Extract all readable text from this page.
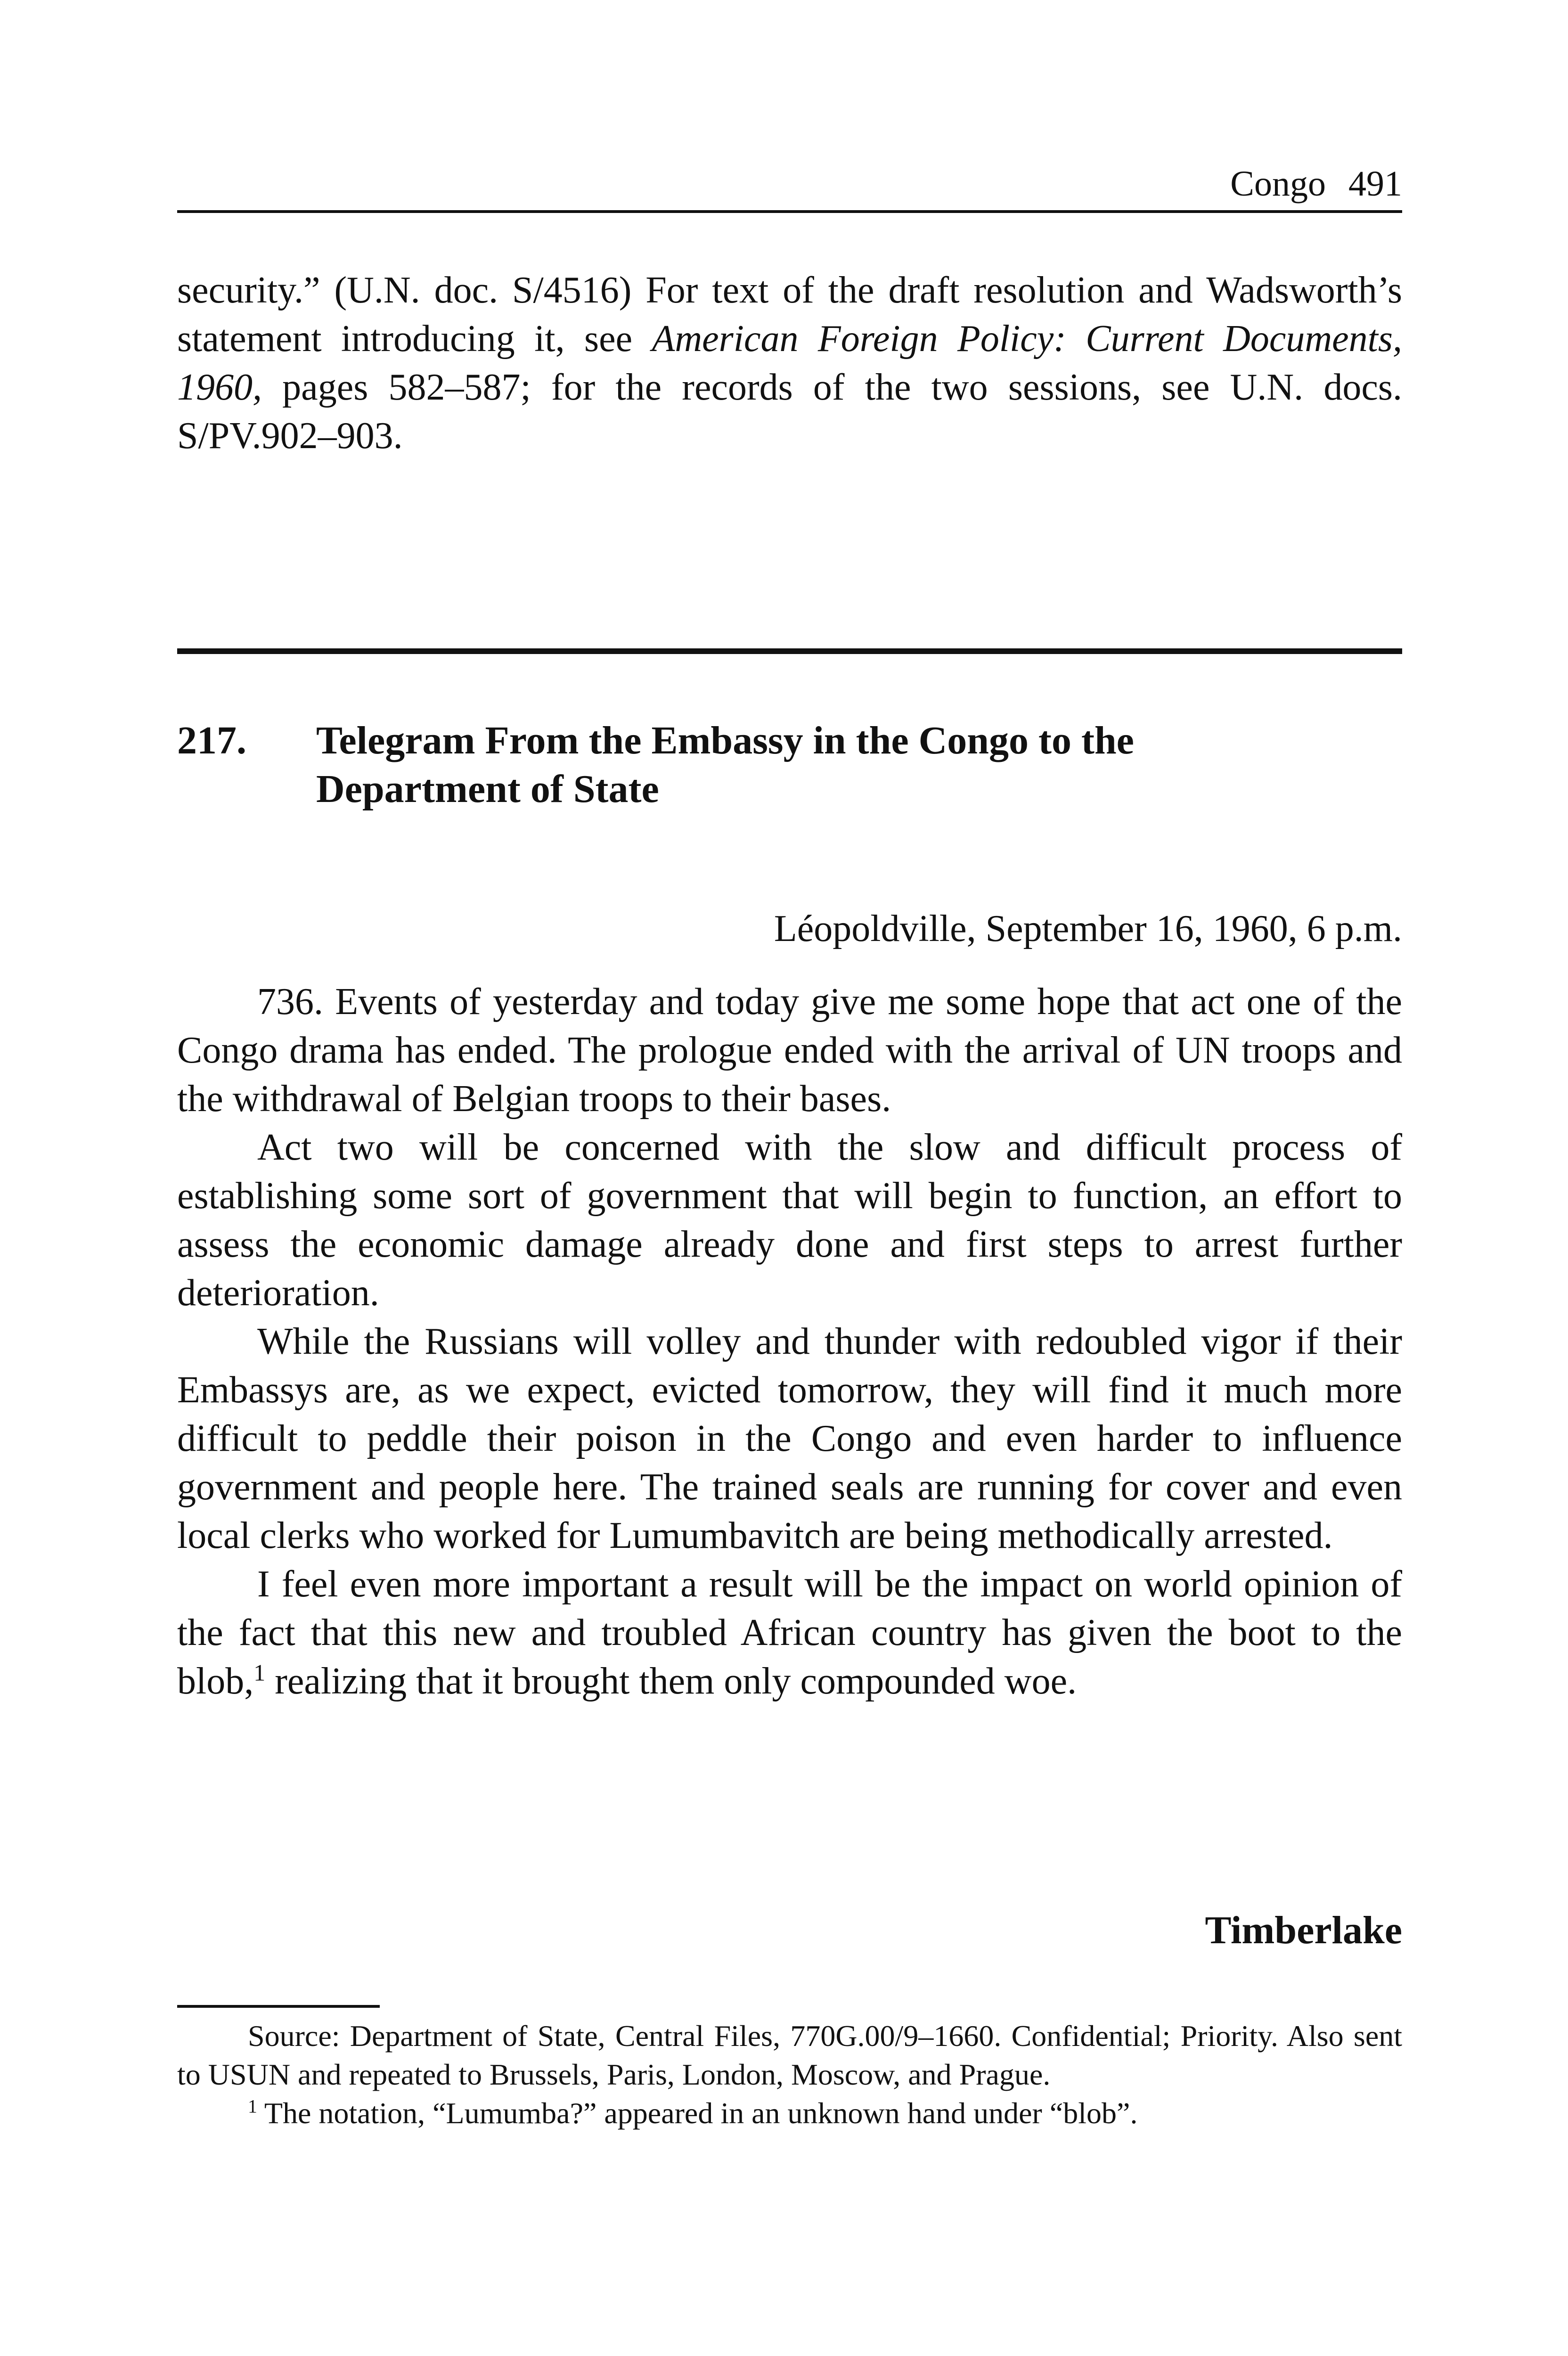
Congo 491

security.” (U.N. doc. S/4516) For text of the draft resolution and Wadsworth’s statement introducing it, see American Foreign Policy: Current Documents, 1960, pages 582–587; for the records of the two sessions, see U.N. docs. S/PV.902–903.

217. Telegram From the Embassy in the Congo to the Department of State
Léopoldville, September 16, 1960, 6 p.m.

736. Events of yesterday and today give me some hope that act one of the Congo drama has ended. The prologue ended with the arrival of UN troops and the withdrawal of Belgian troops to their bases.

Act two will be concerned with the slow and difficult process of establishing some sort of government that will begin to function, an effort to assess the economic damage already done and first steps to arrest further deterioration.

While the Russians will volley and thunder with redoubled vigor if their Embassys are, as we expect, evicted tomorrow, they will find it much more difficult to peddle their poison in the Congo and even harder to influence government and people here. The trained seals are running for cover and even local clerks who worked for Lumumbavitch are being methodically arrested.

I feel even more important a result will be the impact on world opinion of the fact that this new and troubled African country has given the boot to the blob,$^1$ realizing that it brought them only compounded woe.

Timberlake

Source: Department of State, Central Files, 770G.00/9–1660. Confidential; Priority. Also sent to USUN and repeated to Brussels, Paris, London, Moscow, and Prague.

$^1$ The notation, “Lumumba?” appeared in an unknown hand under “blob”.
